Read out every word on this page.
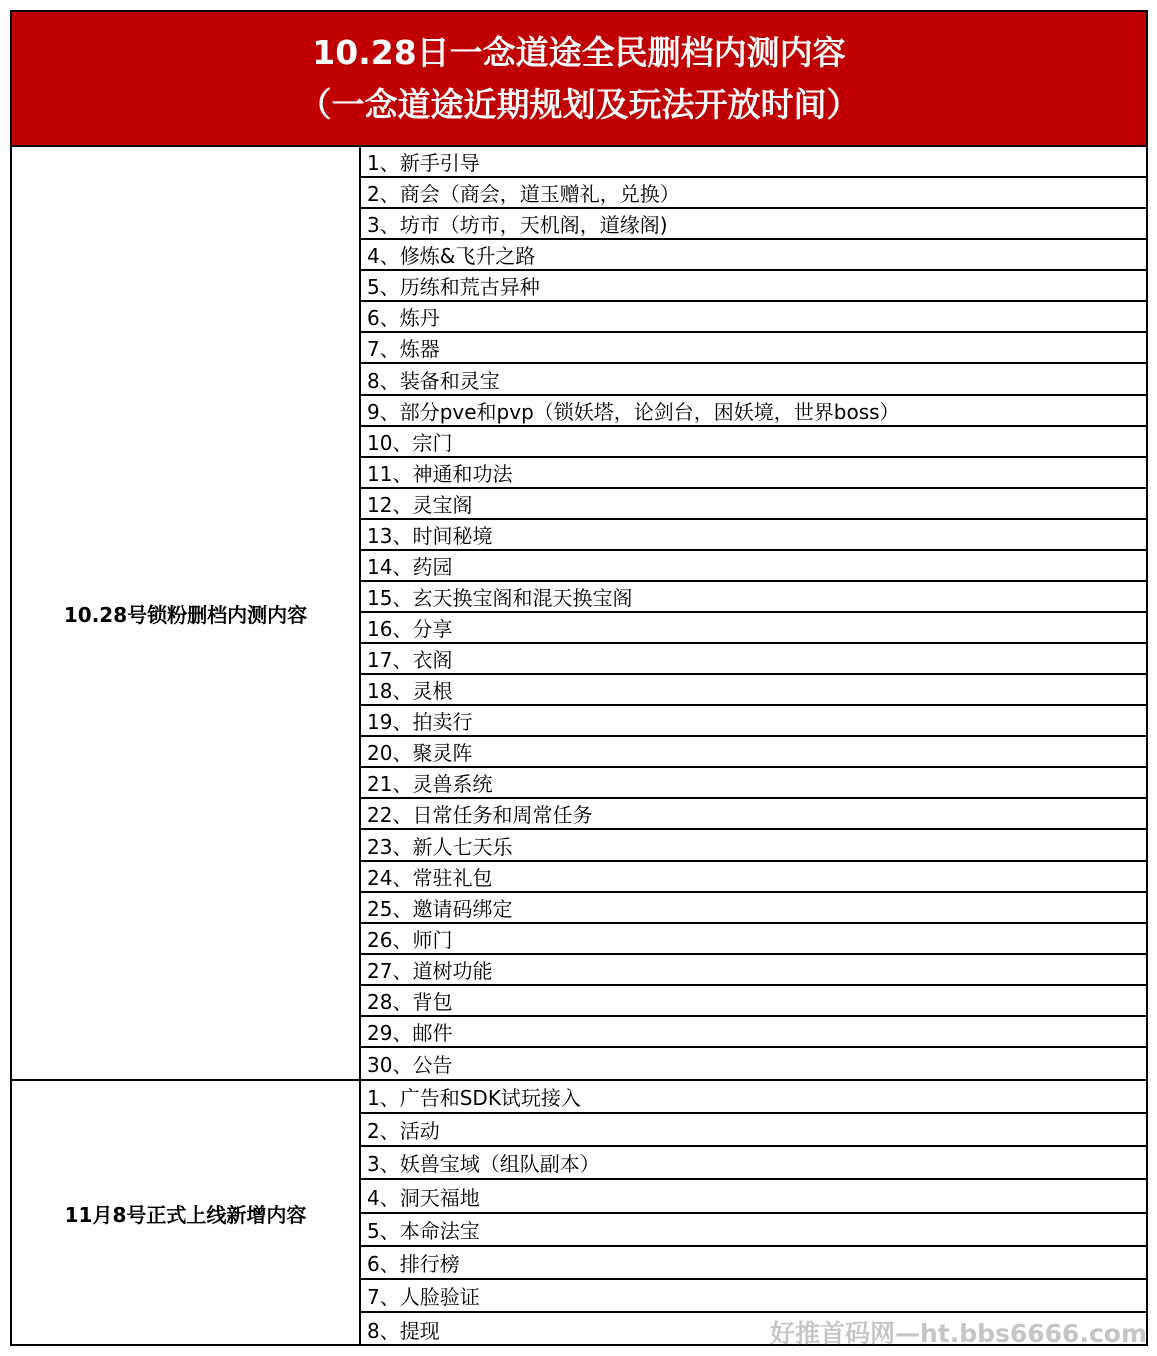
10.28日一念道途全民删档内测内容
（一念道途近期规划及玩法开放时间）
10.28号锁粉删档内测内容
1、新手引导
2、商会（商会，道玉赠礼，兑换）
3、坊市（坊市，天机阁，道缘阁)
4、修炼&飞升之路
5、历练和荒古异种
6、炼丹
7、炼器
8、装备和灵宝
9、部分pve和pvp（锁妖塔，论剑台，困妖境，世界boss）
10、宗门
11、神通和功法
12、灵宝阁
13、时间秘境
14、药园
15、玄天换宝阁和混天换宝阁
16、分享
17、衣阁
18、灵根
19、拍卖行
20、聚灵阵
21、灵兽系统
22、日常任务和周常任务
23、新人七天乐
24、常驻礼包
25、邀请码绑定
26、师门
27、道树功能
28、背包
29、邮件
30、公告
11月8号正式上线新增内容
1、广告和SDK试玩接入
2、活动
3、妖兽宝域（组队副本）
4、洞天福地
5、本命法宝
6、排行榜
7、人脸验证
8、提现	好推首码网—ht.bbs6666.com
